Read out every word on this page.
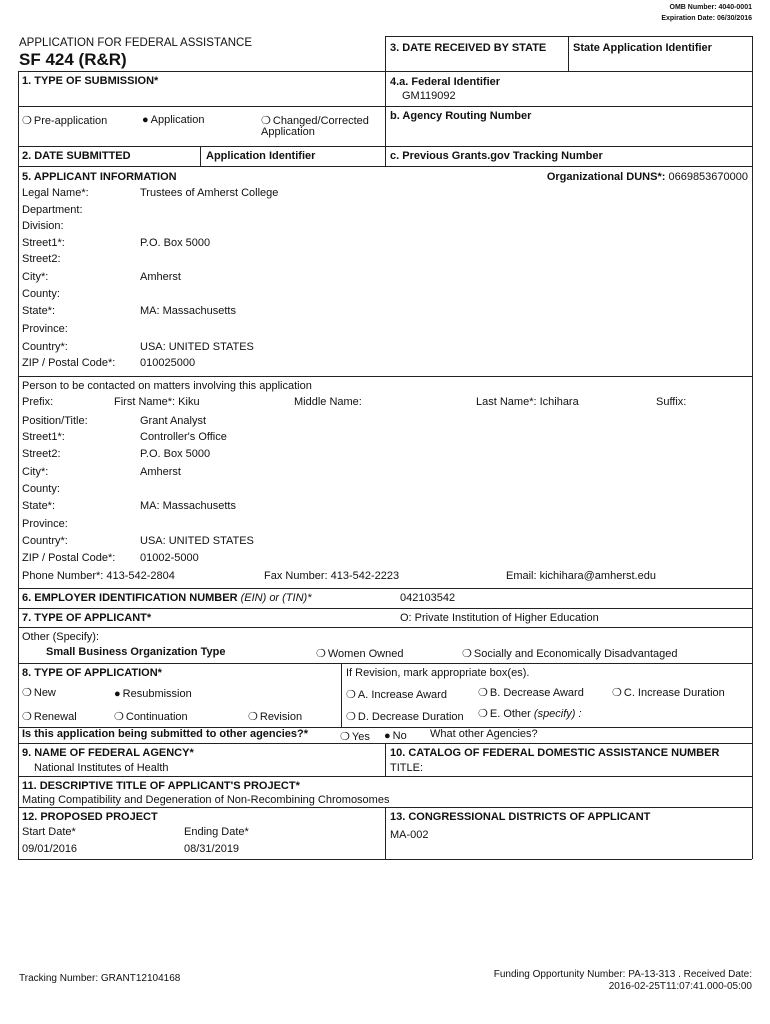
OMB Number: 4040-0001
Expiration Date: 06/30/2016
APPLICATION FOR FEDERAL ASSISTANCE
SF 424 (R&R)
3. DATE RECEIVED BY STATE State Application Identifier
1. TYPE OF SUBMISSION*
❍ Pre-application	● Application	❍ Changed/Corrected
Application
4.a. Federal Identifier
GM119092
b. Agency Routing Number
c. Previous Grants.gov Tracking Number
2. DATE SUBMITTED	Application Identifier
5. APPLICANT INFORMATION	Organizational DUNS*: 0669853670000
Legal Name*:	Trustees of Amherst College
Department:
Division:
Street1*:	P.O. Box 5000
Street2:
City*:	Amherst
County:
State*:	MA: Massachusetts
Province:
Country*:	USA: UNITED STATES
ZIP / Postal Code*: 010025000
Person to be contacted on matters involving this application
Prefix:	First Name*: Kiku	Middle Name:	Last Name*: Ichihara	Suffix:
Position/Title:	Grant Analyst
Street1*:	Controller's Office
Street2:	P.O. Box 5000
City*:	Amherst
County:
State*:	MA: Massachusetts
Province:
Country*:	USA: UNITED STATES
ZIP / Postal Code*: 01002-5000
Phone Number*: 413-542-2804	Fax Number: 413-542-2223	Email: kichihara@amherst.edu
6. EMPLOYER IDENTIFICATION NUMBER (EIN) or (TIN)*	042103542
7. TYPE OF APPLICANT*	O: Private Institution of Higher Education
Other (Specify):
Small Business Organization Type	❍ Women Owned	❍ Socially and Economically Disadvantaged
8. TYPE OF APPLICATION*	If Revision, mark appropriate box(es).
❍ New	● Resubmission	❍ A. Increase Award	❍ B. Decrease Award	❍ C. Increase Duration
❍ Renewal	❍ Continuation	❍ Revision	❍ D. Decrease Duration ❍ E. Other (specify) :
Is this application being submitted to other agencies?*	❍ Yes ● No What other Agencies?
9. NAME OF FEDERAL AGENCY*
National Institutes of Health
10. CATALOG OF FEDERAL DOMESTIC ASSISTANCE NUMBER
TITLE:
11. DESCRIPTIVE TITLE OF APPLICANT'S PROJECT*
Mating Compatibility and Degeneration of Non-Recombining Chromosomes
12. PROPOSED PROJECT
Start Date*	Ending Date*
09/01/2016	08/31/2019
13. CONGRESSIONAL DISTRICTS OF APPLICANT
MA-002
Tracking Number: GRANT12104168	Funding Opportunity Number: PA-13-313 . Received Date:
2016-02-25T11:07:41.000-05:00
